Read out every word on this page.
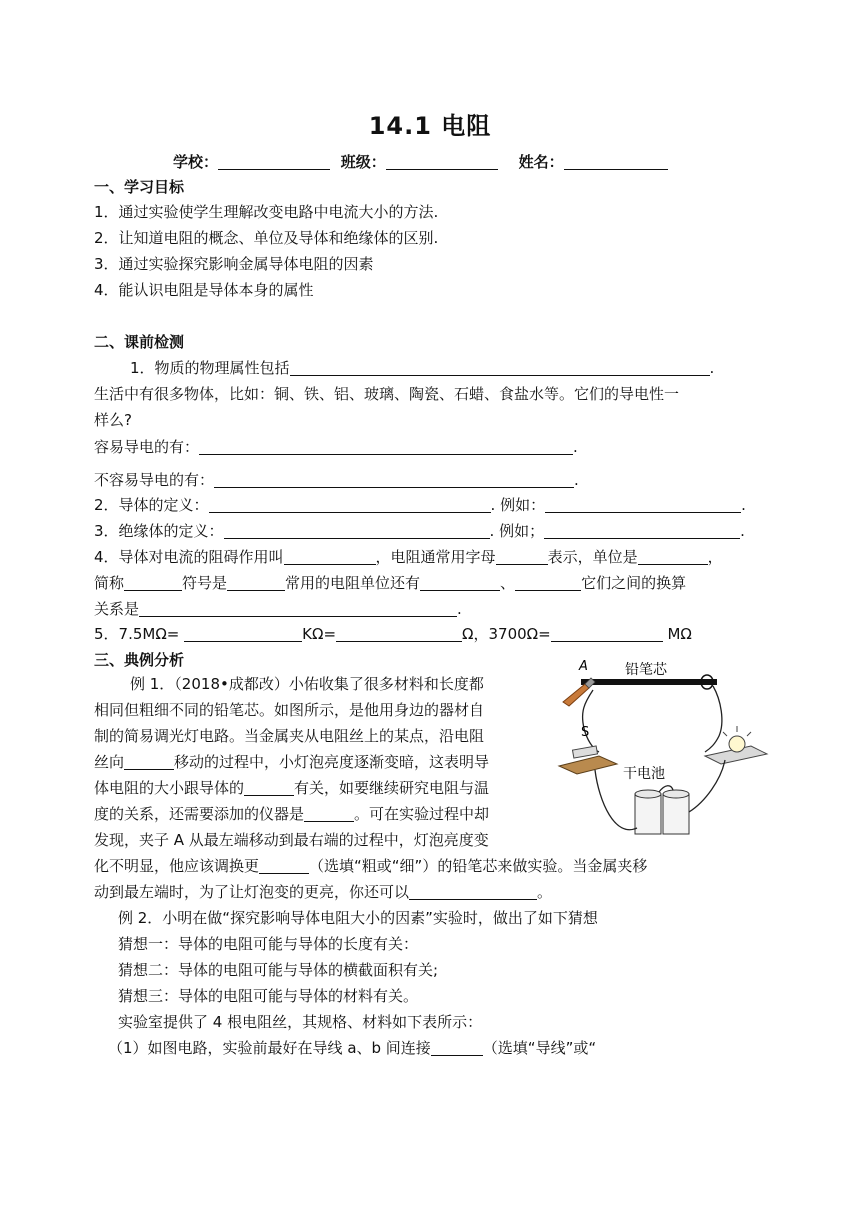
14.1 电阻
学校：	班级：	姓名：
一、学习目标
1．通过实验使学生理解改变电路中电流大小的方法.
2．让知道电阻的概念、单位及导体和绝缘体的区别.
3．通过实验探究影响金属导体电阻的因素
4．能认识电阻是导体本身的属性
二、课前检测
1．物质的物理属性包括	.
生活中有很多物体，比如：铜、铁、铝、玻璃、陶瓷、石蜡、食盐水等。它们的导电性一
样么?
容易导电的有：	.
不容易导电的有：	.
2．导体的定义：	. 例如：	.
3．绝缘体的定义：	. 例如；	.
4．导体对电流的阻碍作用叫	，电阻通常用字母	表示，单位是	，
简称	符号是	常用的电阻单位还有	、	它们之间的换算
关系是	.
5．7.5MΩ=	KΩ=	Ω，3700Ω=	MΩ
三、典例分析
例 1．（2018•成都改）小佑收集了很多材料和长度都
相同但粗细不同的铅笔芯。如图所示，是他用身边的器材自
制的简易调光灯电路。当金属夹从电阻丝上的某点，沿电阻
丝向	移动的过程中，小灯泡亮度逐渐变暗，这表明导
体电阻的大小跟导体的	有关，如要继续研究电阻与温
度的关系，还需要添加的仪器是	。可在实验过程中却
发现，夹子 A 从最左端移动到最右端的过程中，灯泡亮度变
化不明显，他应该调换更	（选填“粗或“细”）的铅笔芯来做实验。当金属夹移
动到最左端时，为了让灯泡变的更亮，你还可以	。
例 2．小明在做“探究影响导体电阻大小的因素”实验时，做出了如下猜想
猜想一：导体的电阻可能与导体的长度有关：
猜想二：导体的电阻可能与导体的横截面积有关;
猜想三：导体的电阻可能与导体的材料有关。
实验室提供了 4 根电阻丝，其规格、材料如下表所示：
（1）如图电路，实验前最好在导线 a、b 间连接	（选填“导线”或“
A	铅笔芯
S
干电池
